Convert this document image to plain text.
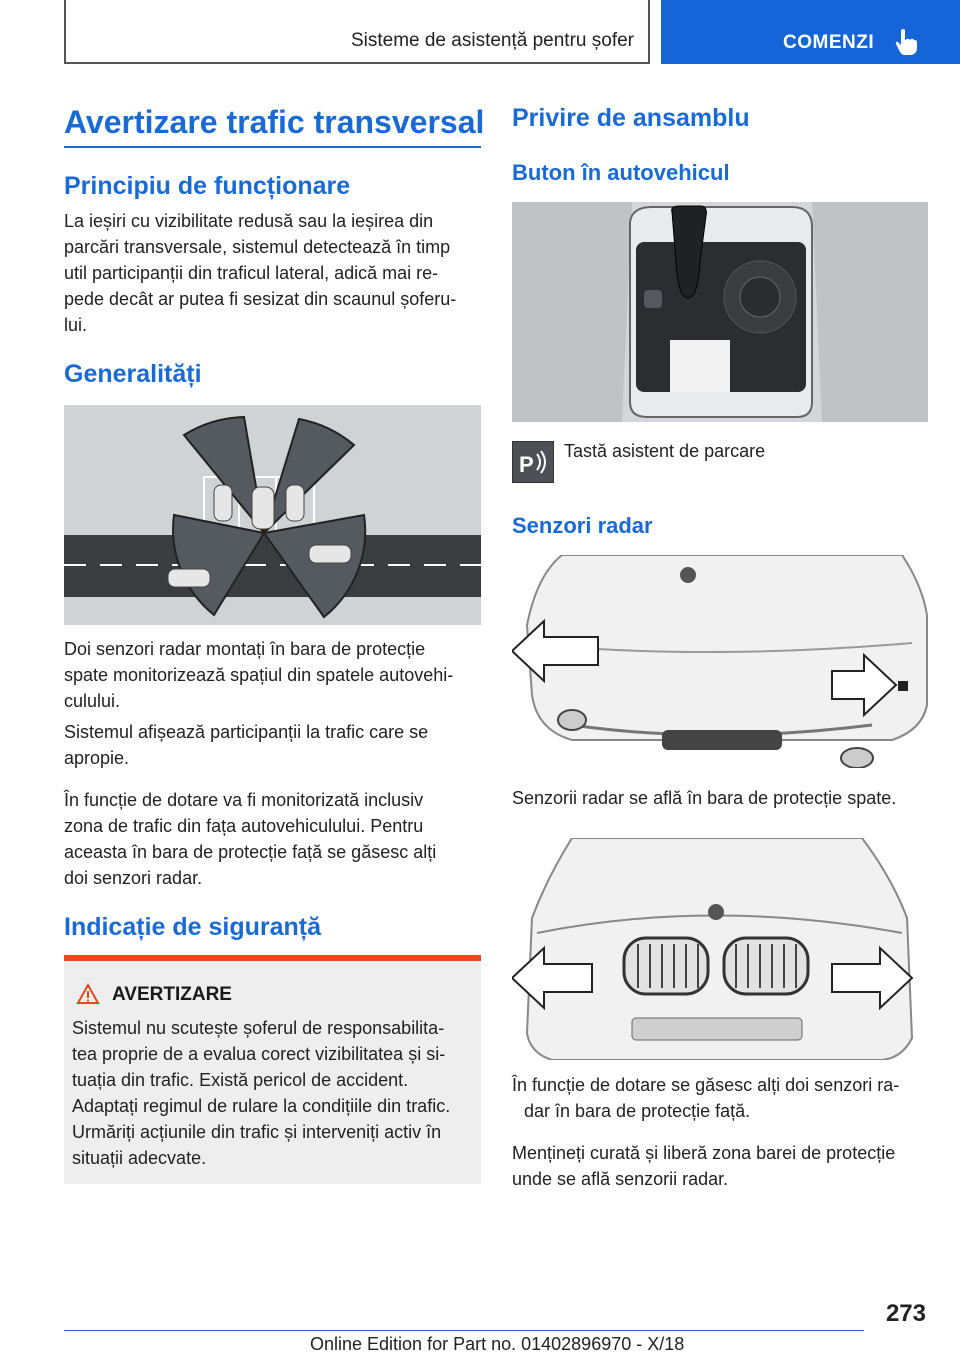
Sisteme de asistență pentru șofer	COMENZI
Avertizare trafic transversal
Principiu de funcționare

La ieșiri cu vizibilitate redusă sau la ieșirea din

parcări transversale, sistemul detectează în timp

util participanții din traficul lateral, adică mai re-

pede decât ar putea fi sesizat din scaunul șoferu-

lui.

Generalități

Doi senzori radar montați în bara de protecție

spate monitorizează spațiul din spatele autovehi-

culului.

Sistemul afișează participanții la trafic care se

apropie.

În funcție de dotare va fi monitorizată inclusiv

zona de trafic din fața autovehiculului. Pentru

aceasta în bara de protecție față se găsesc alți

doi senzori radar.

Indicație de siguranță
AVERTIZARE

Sistemul nu scutește șoferul de responsabilita-

tea proprie de a evalua corect vizibilitatea și si-

tuația din trafic. Există pericol de accident.

Adaptați regimul de rulare la condițiile din trafic.

Urmăriți acțiunile din trafic și interveniți activ în

situații adecvate.

Privire de ansamblu
Buton în autovehicul
P
Tastă asistent de parcare
Senzori radar
Senzorii radar se află în bara de protecție spate.

În funcție de dotare se găsesc alți doi senzori ra-

dar în bara de protecție față.

Mențineți curată și liberă zona barei de protecție

unde se află senzorii radar.

273
Online Edition for Part no. 01402896970 - X/18
